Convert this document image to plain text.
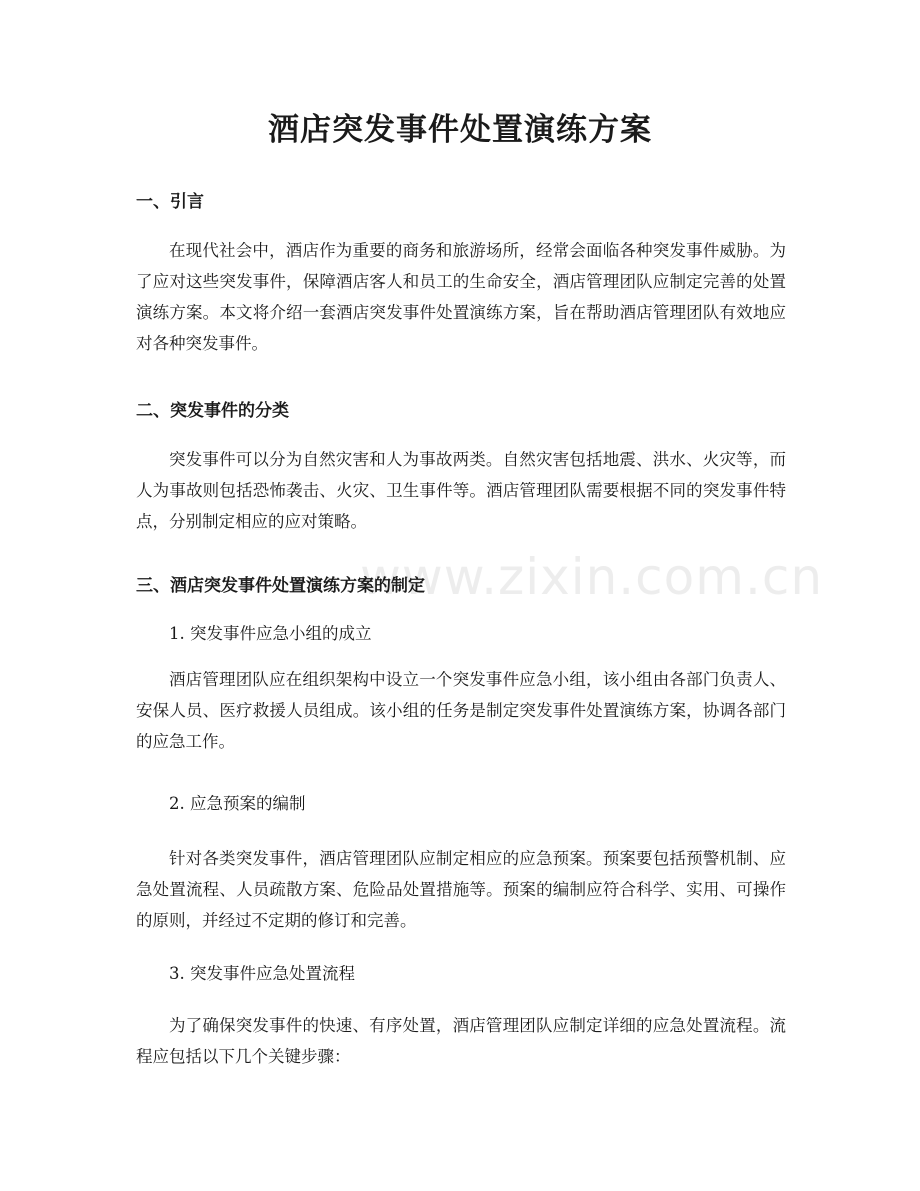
www.zixin.com.cn
酒店突发事件处置演练方案
一、引言

在现代社会中，酒店作为重要的商务和旅游场所，经常会面临各种突发事件威胁。为了应对这些突发事件，保障酒店客人和员工的生命安全，酒店管理团队应制定完善的处置演练方案。本文将介绍一套酒店突发事件处置演练方案，旨在帮助酒店管理团队有效地应对各种突发事件。

二、突发事件的分类

突发事件可以分为自然灾害和人为事故两类。自然灾害包括地震、洪水、火灾等，而人为事故则包括恐怖袭击、火灾、卫生事件等。酒店管理团队需要根据不同的突发事件特点，分别制定相应的应对策略。

三、酒店突发事件处置演练方案的制定
1. 突发事件应急小组的成立

酒店管理团队应在组织架构中设立一个突发事件应急小组，该小组由各部门负责人、安保人员、医疗救援人员组成。该小组的任务是制定突发事件处置演练方案，协调各部门的应急工作。

2. 应急预案的编制

针对各类突发事件，酒店管理团队应制定相应的应急预案。预案要包括预警机制、应急处置流程、人员疏散方案、危险品处置措施等。预案的编制应符合科学、实用、可操作的原则，并经过不定期的修订和完善。

3. 突发事件应急处置流程

为了确保突发事件的快速、有序处置，酒店管理团队应制定详细的应急处置流程。流程应包括以下几个关键步骤：
